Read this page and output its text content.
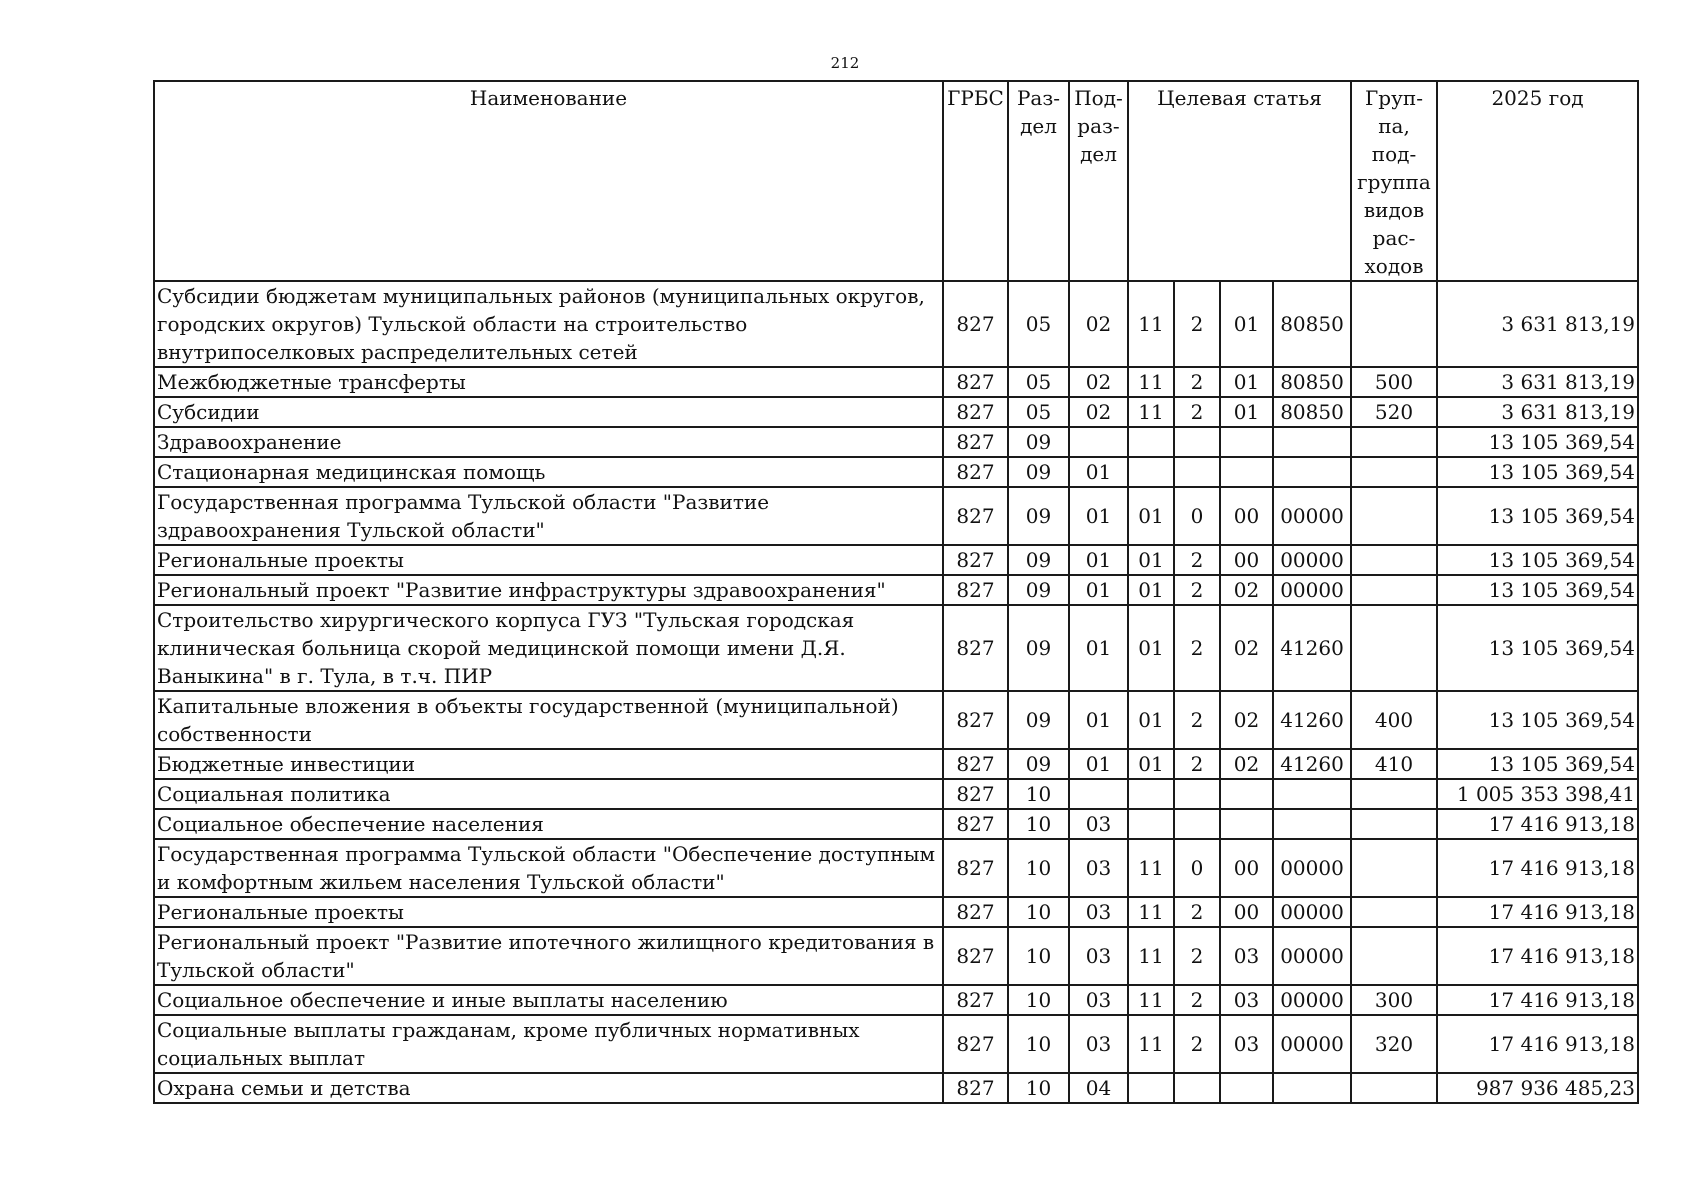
212
Наименование	ГРБС	Раз-дел	Под-раз-дел	Целевая статья				Груп-па, под-группа видов рас-ходов	2025 год
Субсидии бюджетам муниципальных районов (муниципальных округов, городских округов) Тульской области на строительство внутрипоселковых распределительных сетей	827	05	02	11	2	01	80850		3 631 813,19
Межбюджетные трансферты	827	05	02	11	2	01	80850	500	3 631 813,19
Субсидии	827	05	02	11	2	01	80850	520	3 631 813,19
Здравоохранение	827	09							13 105 369,54
Стационарная медицинская помощь	827	09	01						13 105 369,54
Государственная программа Тульской области "Развитие здравоохранения Тульской области"	827	09	01	01	0	00	00000		13 105 369,54
Региональные проекты	827	09	01	01	2	00	00000		13 105 369,54
Региональный проект "Развитие инфраструктуры здравоохранения"	827	09	01	01	2	02	00000		13 105 369,54
Строительство хирургического корпуса ГУЗ "Тульская городская клиническая больница скорой медицинской помощи имени Д.Я. Ваныкина" в г. Тула, в т.ч. ПИР	827	09	01	01	2	02	41260		13 105 369,54
Капитальные вложения в объекты государственной (муниципальной) собственности	827	09	01	01	2	02	41260	400	13 105 369,54
Бюджетные инвестиции	827	09	01	01	2	02	41260	410	13 105 369,54
Социальная политика	827	10							1 005 353 398,41
Социальное обеспечение населения	827	10	03						17 416 913,18
Государственная программа Тульской области "Обеспечение доступным и комфортным жильем населения Тульской области"	827	10	03	11	0	00	00000		17 416 913,18
Региональные проекты	827	10	03	11	2	00	00000		17 416 913,18
Региональный проект "Развитие ипотечного жилищного кредитования в Тульской области"	827	10	03	11	2	03	00000		17 416 913,18
Социальное обеспечение и иные выплаты населению	827	10	03	11	2	03	00000	300	17 416 913,18
Социальные выплаты гражданам, кроме публичных нормативных социальных выплат	827	10	03	11	2	03	00000	320	17 416 913,18
Охрана семьи и детства	827	10	04						987 936 485,23
